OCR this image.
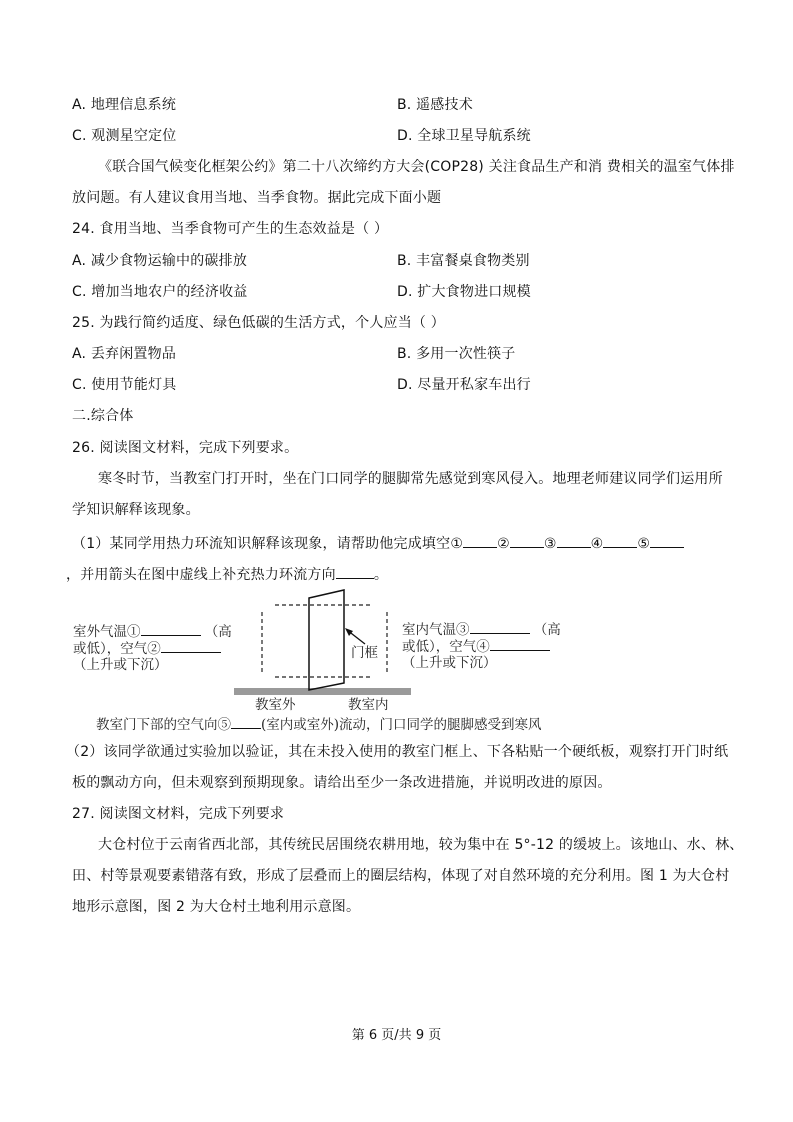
A. 地理信息系统	B. 遥感技术
C. 观测星空定位	D. 全球卫星导航系统
《联合国气候变化框架公约》第二十八次缔约方大会(COP28) 关注食品生产和消 费相关的温室气体排
放问题。有人建议食用当地、当季食物。据此完成下面小题
24. 食用当地、当季食物可产生的生态效益是（ ）
A. 减少食物运输中的碳排放	B. 丰富餐桌食物类别
C. 增加当地农户的经济收益	D. 扩大食物进口规模
25. 为践行简约适度、绿色低碳的生活方式，个人应当（ ）
A. 丢弃闲置物品	B. 多用一次性筷子
C. 使用节能灯具	D. 尽量开私家车出行
二.综合体
26. 阅读图文材料，完成下列要求。
寒冬时节，当教室门打开时，坐在门口同学的腿脚常先感觉到寒风侵入。地理老师建议同学们运用所
学知识解释该现象。
（1）某同学用热力环流知识解释该现象，请帮助他完成填空① ② ③ ④ ⑤
，并用箭头在图中虚线上补充热力环流方向	。
室外气温①	（高
或低），空气②
（上升或下沉）
室内气温③	（高
或低），空气④
（上升或下沉）
门框
教室外	教室内
教室门下部的空气向⑤ (室内或室外)流动，门口同学的腿脚感受到寒风
（2）该同学欲通过实验加以验证，其在未投入使用的教室门框上、下各粘贴一个硬纸板，观察打开门时纸
板的飘动方向，但未观察到预期现象。请给出至少一条改进措施，并说明改进的原因。
27. 阅读图文材料，完成下列要求
大仓村位于云南省西北部，其传统民居围绕农耕用地，较为集中在 5°-12 的缓坡上。该地山、水、林、
田、村等景观要素错落有致，形成了层叠而上的圈层结构，体现了对自然环境的充分利用。图 1 为大仓村
地形示意图，图 2 为大仓村土地利用示意图。
第 6 页/共 9 页
